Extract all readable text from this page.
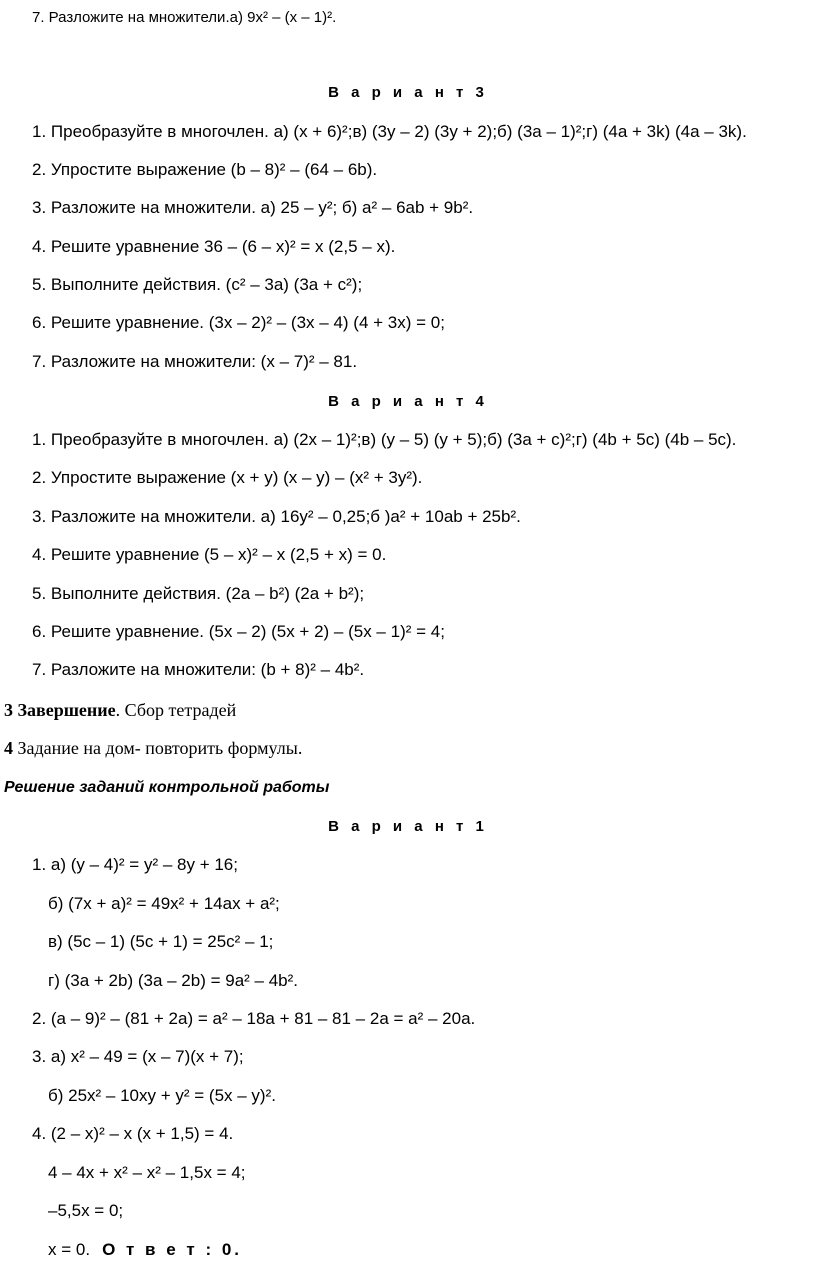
7. Разложите на множители.а) 9x² – (x – 1)².
В а р и а н т 3
1. Преобразуйте в многочлен. а) (x + 6)²;в) (3y – 2) (3y + 2);б) (3a – 1)²;г) (4a + 3k) (4a – 3k).
2. Упростите выражение (b – 8)² – (64 – 6b).
3. Разложите на множители. а) 25 – y²; б) a² – 6ab + 9b².
4. Решите уравнение 36 – (6 – x)² = x (2,5 – x).
5. Выполните действия. (c² – 3a) (3a + c²);
6. Решите уравнение. (3x – 2)² – (3x – 4) (4 + 3x) = 0;
7. Разложите на множители: (x – 7)² – 81.
В а р и а н т 4
1. Преобразуйте в многочлен. а) (2x – 1)²;в) (y – 5) (y + 5);б) (3a + c)²;г) (4b + 5c) (4b – 5c).
2. Упростите выражение (x + y) (x – y) – (x² + 3y²).
3. Разложите на множители. а) 16y² – 0,25;б )a² + 10ab + 25b².
4. Решите уравнение (5 – x)² – x (2,5 + x) = 0.
5. Выполните действия. (2a – b²) (2a + b²);
6. Решите уравнение. (5x – 2) (5x + 2) – (5x – 1)² = 4;
7. Разложите на множители: (b + 8)² – 4b².
3 Завершение. Сбор тетрадей
4 Задание на дом- повторить формулы.
Решение заданий контрольной работы
В а р и а н т 1
1. а) (y – 4)² = y² – 8y + 16;
б) (7x + a)² = 49x² + 14ax + a²;
в) (5c – 1) (5c + 1) = 25c² – 1;
г) (3a + 2b) (3a – 2b) = 9a² – 4b².
2. (a – 9)² – (81 + 2a) = a² – 18a + 81 – 81 – 2a = a² – 20a.
3. а) x² – 49 = (x – 7)(x + 7);
б) 25x² – 10xy + y² = (5x – y)².
4. (2 – x)² – x (x + 1,5) = 4.
4 – 4x + x² – x² – 1,5x = 4;
–5,5x = 0;
x = 0. О т в е т : 0.
